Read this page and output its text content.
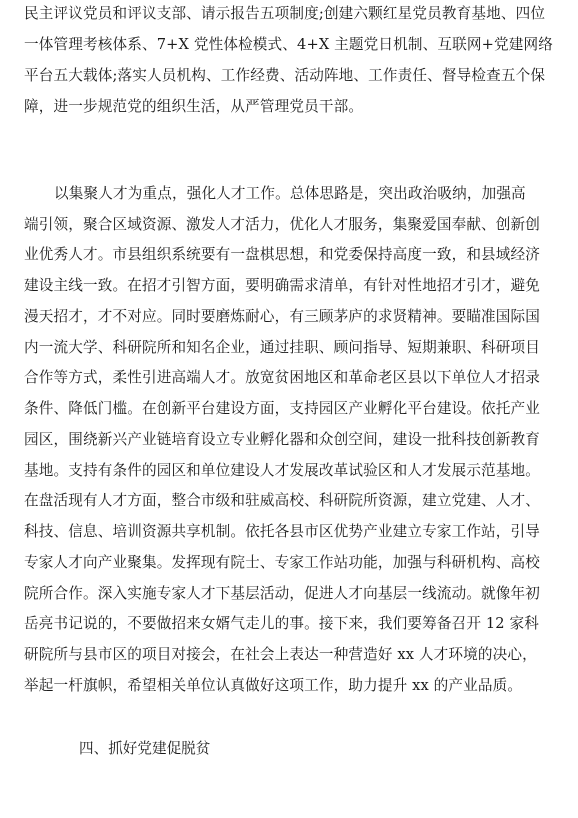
民主评议党员和评议支部、请示报告五项制度;创建六颗红星党员教育基地、四位
一体管理考核体系、7+X 党性体检模式、4+X 主题党日机制、互联网+党建网络
平台五大载体;落实人员机构、工作经费、活动阵地、工作责任、督导检查五个保
障，进一步规范党的组织生活，从严管理党员干部。
以集聚人才为重点，强化人才工作。总体思路是，突出政治吸纳，加强高
端引领，聚合区域资源、激发人才活力，优化人才服务，集聚爱国奉献、创新创
业优秀人才。市县组织系统要有一盘棋思想，和党委保持高度一致，和县域经济
建设主线一致。在招才引智方面，要明确需求清单，有针对性地招才引才，避免
漫天招才，才不对应。同时要磨炼耐心，有三顾茅庐的求贤精神。要瞄准国际国
内一流大学、科研院所和知名企业，通过挂职、顾问指导、短期兼职、科研项目
合作等方式，柔性引进高端人才。放宽贫困地区和革命老区县以下单位人才招录
条件、降低门槛。在创新平台建设方面，支持园区产业孵化平台建设。依托产业
园区，围绕新兴产业链培育设立专业孵化器和众创空间，建设一批科技创新教育
基地。支持有条件的园区和单位建设人才发展改革试验区和人才发展示范基地。
在盘活现有人才方面，整合市级和驻威高校、科研院所资源，建立党建、人才、
科技、信息、培训资源共享机制。依托各县市区优势产业建立专家工作站，引导
专家人才向产业聚集。发挥现有院士、专家工作站功能，加强与科研机构、高校
院所合作。深入实施专家人才下基层活动，促进人才向基层一线流动。就像年初
岳亮书记说的，不要做招来女婿气走儿的事。接下来，我们要筹备召开 12 家科
研院所与县市区的项目对接会，在社会上表达一种营造好 xx 人才环境的决心，
举起一杆旗帜，希望相关单位认真做好这项工作，助力提升 xx 的产业品质。
四、抓好党建促脱贫
